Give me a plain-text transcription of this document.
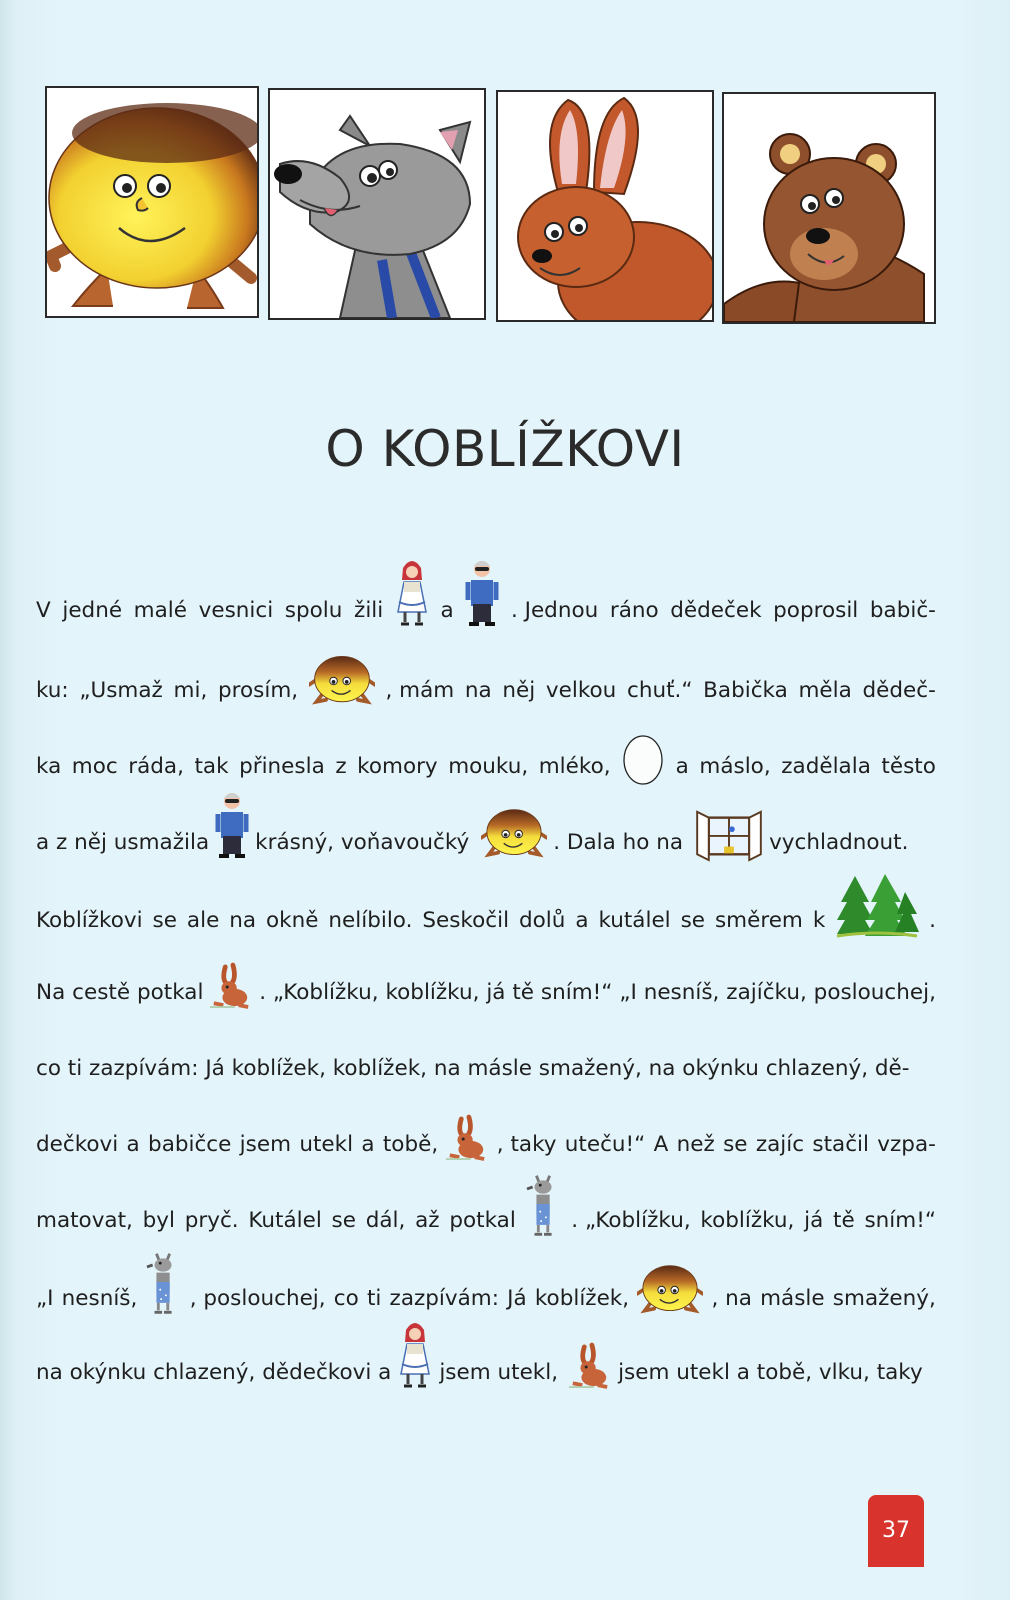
O KOBLÍŽKOVI
V jedné malé vesnici spolu žili	a	. Jednou ráno dědeček poprosil babič-
ku: „Usmaž mi, prosím,	, mám na něj velkou chuť.“ Babička měla dědeč-
ka moc ráda, tak přinesla z komory mouku, mléko,	a máslo, zadělala těsto
a z něj usmažila krásný, voňavoučký	. Dala ho na	vychladnout.
Koblížkovi se ale na okně nelíbilo. Seskočil dolů a kutálel se směrem k	.
Na cestě potkal	. „Koblížku, koblížku, já tě sním!“ „I nesníš, zajíčku, poslouchej,
co ti zazpívám: Já koblížek, koblížek, na másle smažený, na okýnku chlazený, dě-
dečkovi a babičce jsem utekl a tobě,	, taky uteču!“ A než se zajíc stačil vzpa-
matovat, byl pryč. Kutálel se dál, až potkal	. „Koblížku, koblížku, já tě sním!“
„I nesníš, , poslouchej, co ti zazpívám: Já koblížek,	, na másle smažený,
na okýnku chlazený, dědečkovi a jsem utekl,	jsem utekl a tobě, vlku, taky
37
